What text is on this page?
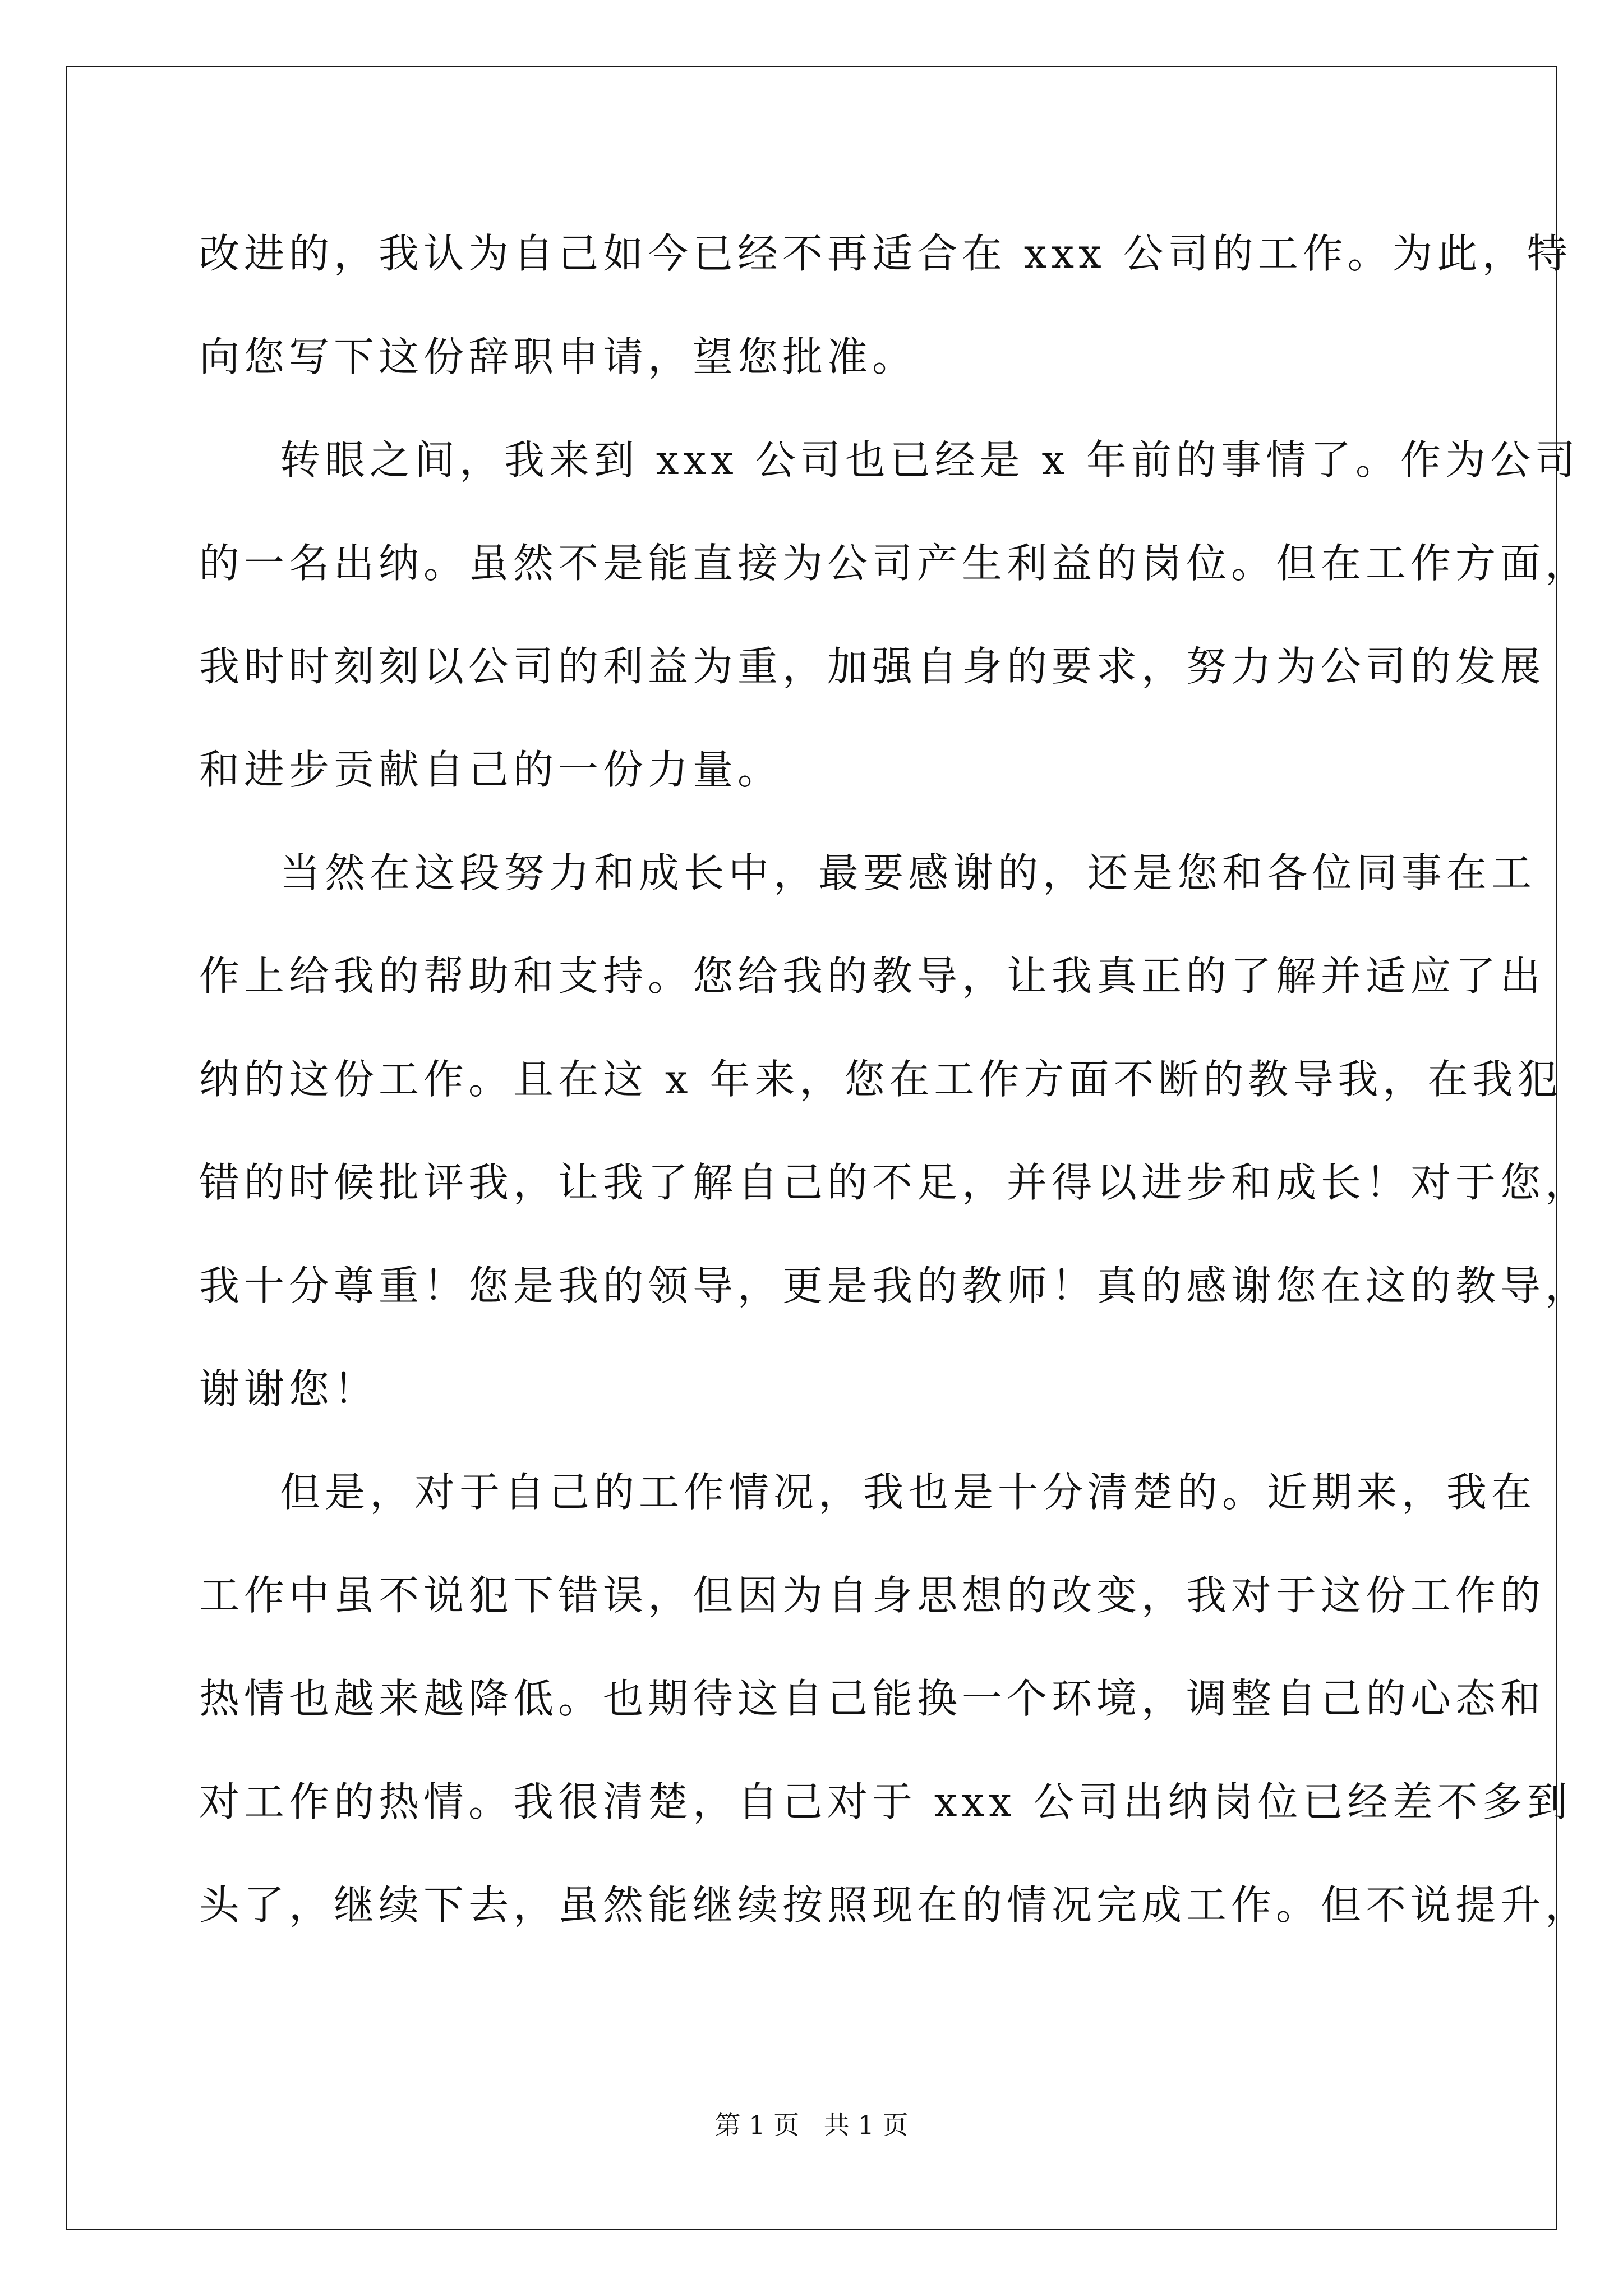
改进的，我认为自己如今已经不再适合在 xxx 公司的工作。为此，特
向您写下这份辞职申请，望您批准。
转眼之间，我来到 xxx 公司也已经是 x 年前的事情了。作为公司
的一名出纳。虽然不是能直接为公司产生利益的岗位。但在工作方面，
我时时刻刻以公司的利益为重，加强自身的要求，努力为公司的发展
和进步贡献自己的一份力量。
当然在这段努力和成长中，最要感谢的，还是您和各位同事在工
作上给我的帮助和支持。您给我的教导，让我真正的了解并适应了出
纳的这份工作。且在这 x 年来，您在工作方面不断的教导我，在我犯
错的时候批评我，让我了解自己的不足，并得以进步和成长！对于您，
我十分尊重！您是我的领导，更是我的教师！真的感谢您在这的教导，
谢谢您！
但是，对于自己的工作情况，我也是十分清楚的。近期来，我在
工作中虽不说犯下错误，但因为自身思想的改变，我对于这份工作的
热情也越来越降低。也期待这自己能换一个环境，调整自己的心态和
对工作的热情。我很清楚，自己对于 xxx 公司出纳岗位已经差不多到
头了，继续下去，虽然能继续按照现在的情况完成工作。但不说提升，
第 1 页   共 1 页
